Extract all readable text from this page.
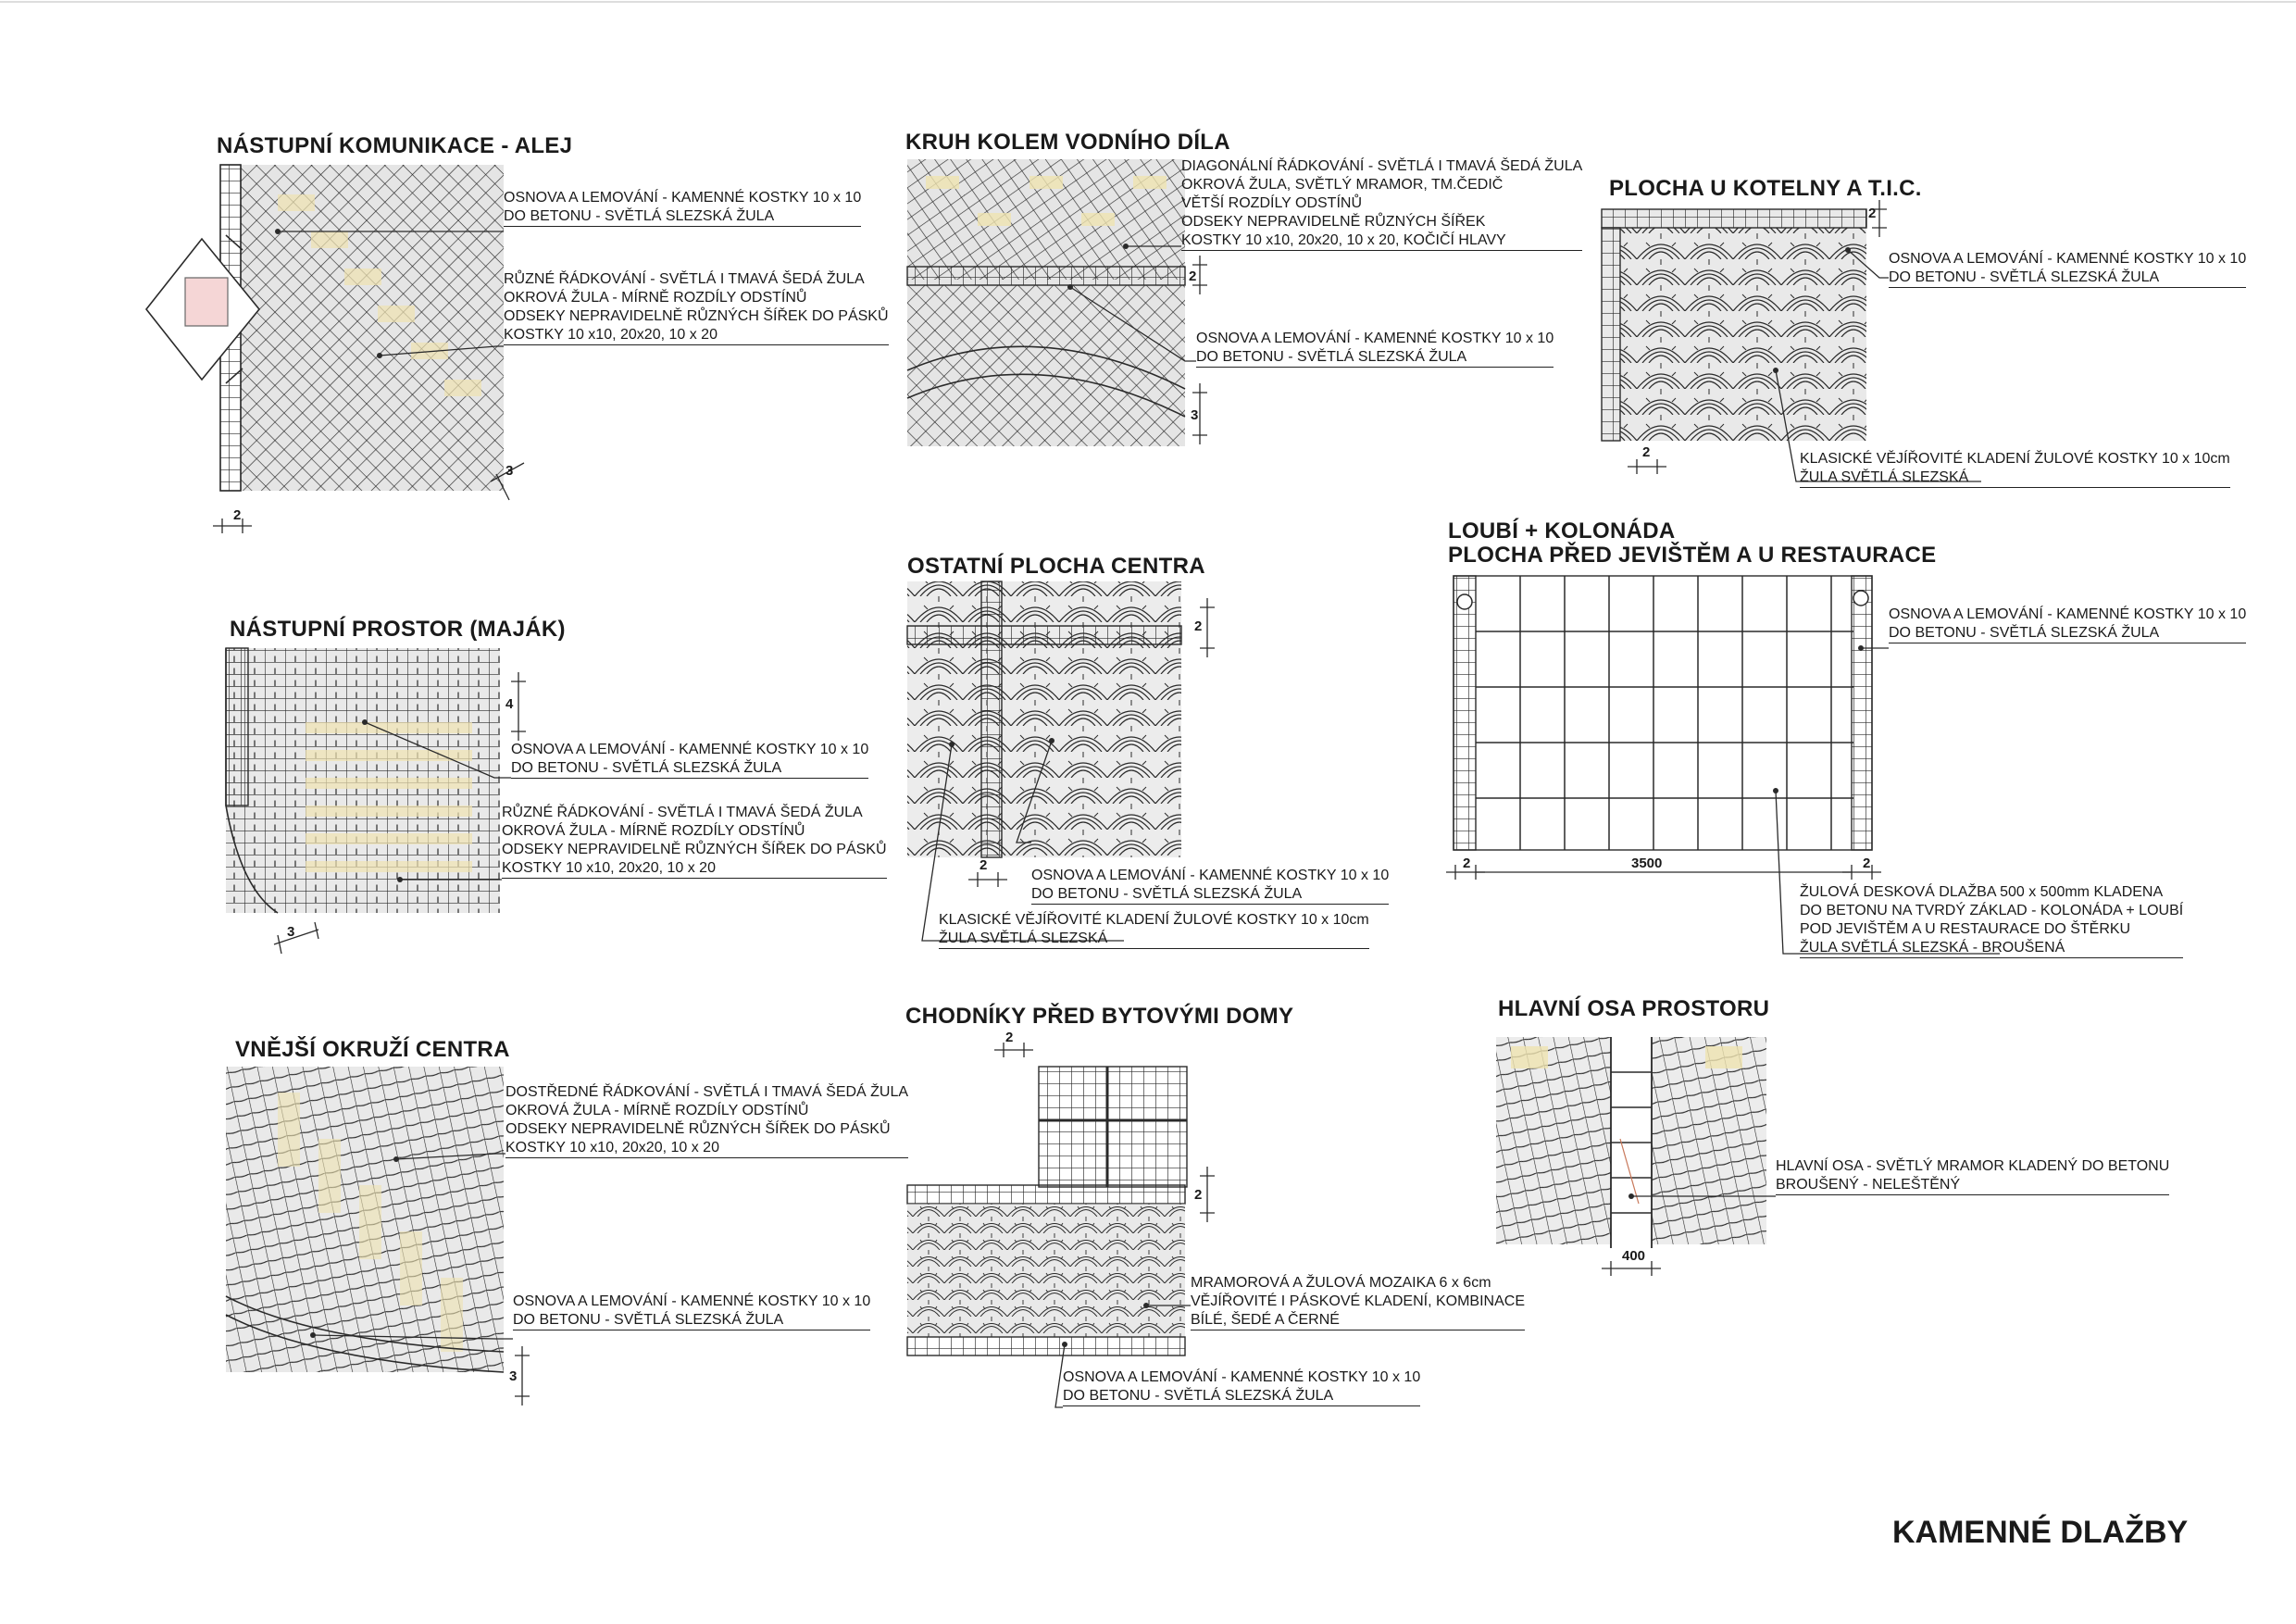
NÁSTUPNÍ KOMUNIKACE - ALEJ
OSNOVA A LEMOVÁNÍ - KAMENNÉ KOSTKY 10 x 10
DO BETONU - SVĚTLÁ SLEZSKÁ ŽULA
RŮZNÉ ŘÁDKOVÁNÍ - SVĚTLÁ I TMAVÁ ŠEDÁ ŽULA
OKROVÁ ŽULA - MÍRNĚ ROZDÍLY ODSTÍNŮ
ODSEKY NEPRAVIDELNĚ RŮZNÝCH ŠÍŘEK DO PÁSKŮ
KOSTKY 10 x10, 20x20, 10 x 20
2
3
KRUH KOLEM VODNÍHO DÍLA
DIAGONÁLNÍ ŘÁDKOVÁNÍ - SVĚTLÁ I TMAVÁ ŠEDÁ ŽULA
OKROVÁ ŽULA, SVĚTLÝ MRAMOR, TM.ČEDIČ
VĚTŠÍ ROZDÍLY ODSTÍNŮ
ODSEKY NEPRAVIDELNĚ RŮZNÝCH ŠÍŘEK
KOSTKY 10 x10, 20x20, 10 x 20, KOČIČÍ HLAVY
OSNOVA A LEMOVÁNÍ - KAMENNÉ KOSTKY 10 x 10
DO BETONU - SVĚTLÁ SLEZSKÁ ŽULA
2
3
PLOCHA U KOTELNY A T.I.C.
OSNOVA A LEMOVÁNÍ - KAMENNÉ KOSTKY 10 x 10
DO BETONU - SVĚTLÁ SLEZSKÁ ŽULA
KLASICKÉ VĚJÍŘOVITÉ KLADENÍ ŽULOVÉ KOSTKY 10 x 10cm
ŽULA SVĚTLÁ SLEZSKÁ
2
2
NÁSTUPNÍ PROSTOR (MAJÁK)
OSNOVA A LEMOVÁNÍ - KAMENNÉ KOSTKY 10 x 10
DO BETONU - SVĚTLÁ SLEZSKÁ ŽULA
RŮZNÉ ŘÁDKOVÁNÍ - SVĚTLÁ I TMAVÁ ŠEDÁ ŽULA
OKROVÁ ŽULA - MÍRNĚ ROZDÍLY ODSTÍNŮ
ODSEKY NEPRAVIDELNĚ RŮZNÝCH ŠÍŘEK DO PÁSKŮ
KOSTKY 10 x10, 20x20, 10 x 20
4
3
OSTATNÍ PLOCHA CENTRA
OSNOVA A LEMOVÁNÍ - KAMENNÉ KOSTKY 10 x 10
DO BETONU - SVĚTLÁ SLEZSKÁ ŽULA
KLASICKÉ VĚJÍŘOVITÉ KLADENÍ ŽULOVÉ KOSTKY 10 x 10cm
ŽULA SVĚTLÁ SLEZSKÁ
2
2
LOUBÍ + KOLONÁDA
PLOCHA PŘED JEVIŠTĚM A U RESTAURACE
OSNOVA A LEMOVÁNÍ - KAMENNÉ KOSTKY 10 x 10
DO BETONU - SVĚTLÁ SLEZSKÁ ŽULA
ŽULOVÁ DESKOVÁ DLAŽBA 500 x 500mm KLADENA
DO BETONU NA TVRDÝ ZÁKLAD - KOLONÁDA + LOUBÍ
POD JEVIŠTĚM A U RESTAURACE DO ŠTĚRKU
ŽULA SVĚTLÁ SLEZSKÁ - BROUŠENÁ
2	3500	2
VNĚJŠÍ OKRUŽÍ CENTRA
DOSTŘEDNÉ ŘÁDKOVÁNÍ - SVĚTLÁ I TMAVÁ ŠEDÁ ŽULA
OKROVÁ ŽULA - MÍRNĚ ROZDÍLY ODSTÍNŮ
ODSEKY NEPRAVIDELNĚ RŮZNÝCH ŠÍŘEK DO PÁSKŮ
KOSTKY 10 x10, 20x20, 10 x 20
OSNOVA A LEMOVÁNÍ - KAMENNÉ KOSTKY 10 x 10
DO BETONU - SVĚTLÁ SLEZSKÁ ŽULA
3
CHODNÍKY PŘED BYTOVÝMI DOMY
MRAMOROVÁ A ŽULOVÁ MOZAIKA 6 x 6cm
VĚJÍŘOVITÉ I PÁSKOVÉ KLADENÍ, KOMBINACE
BÍLÉ, ŠEDÉ A ČERNÉ
OSNOVA A LEMOVÁNÍ - KAMENNÉ KOSTKY 10 x 10
DO BETONU - SVĚTLÁ SLEZSKÁ ŽULA
2
2
HLAVNÍ OSA PROSTORU
HLAVNÍ OSA - SVĚTLÝ MRAMOR KLADENÝ DO BETONU
BROUŠENÝ - NELEŠTĚNÝ
400
KAMENNÉ DLAŽBY
